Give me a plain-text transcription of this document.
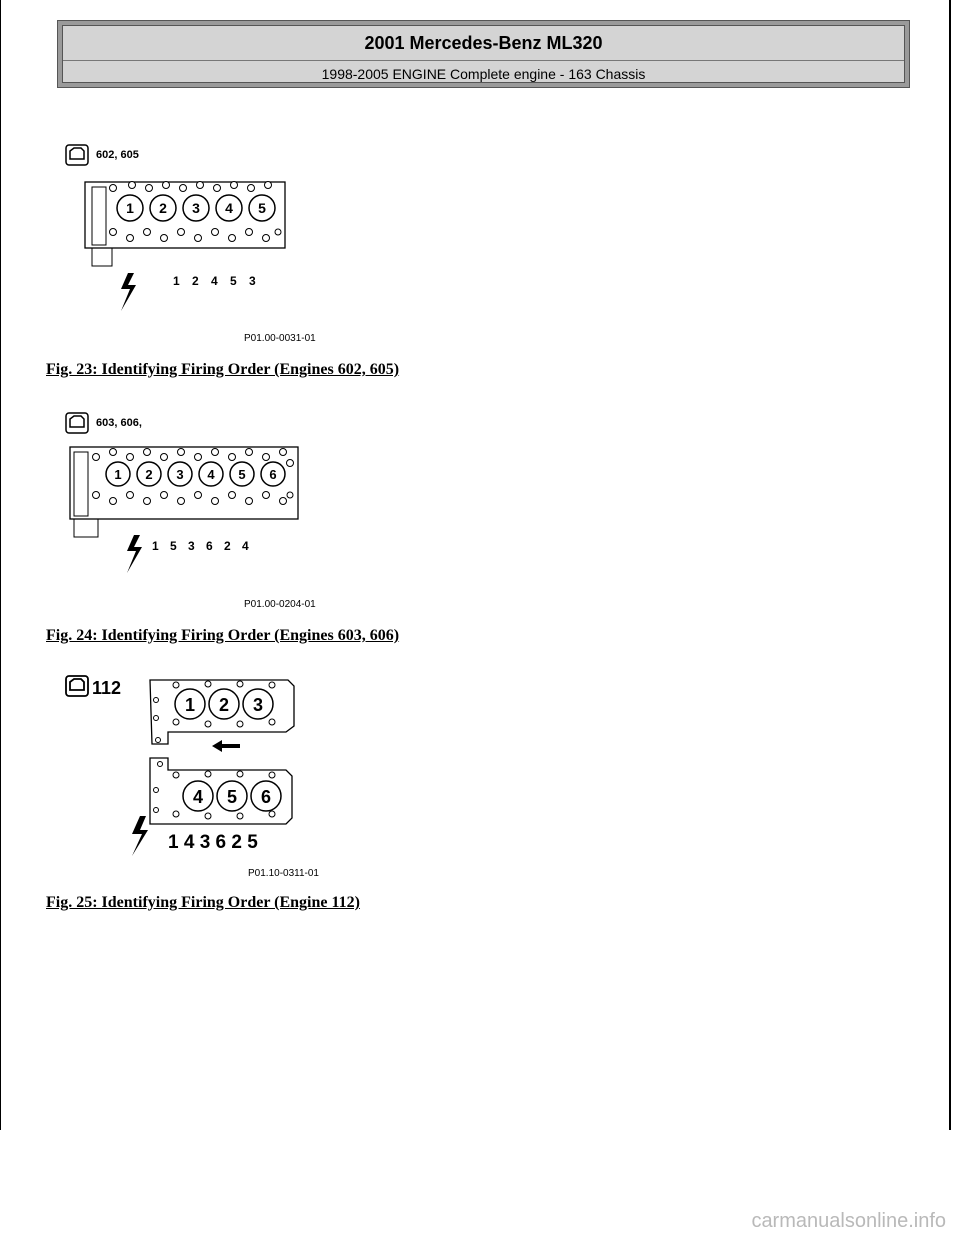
2001 Mercedes-Benz ML320
1998-2005 ENGINE Complete engine - 163 Chassis
602, 605
1 2 3 4 5
1 2 4 5 3
P01.00-0031-01
Fig. 23: Identifying Firing Order (Engines 602, 605)
603, 606,
1 2 3 4 5 6
1 5 3 6 2 4
P01.00-0204-01
Fig. 24: Identifying Firing Order (Engines 603, 606)
112
1 2 3
4 5 6
1 4 3 6 2 5
P01.10-0311-01
Fig. 25: Identifying Firing Order (Engine 112)
carmanualsonline.info
